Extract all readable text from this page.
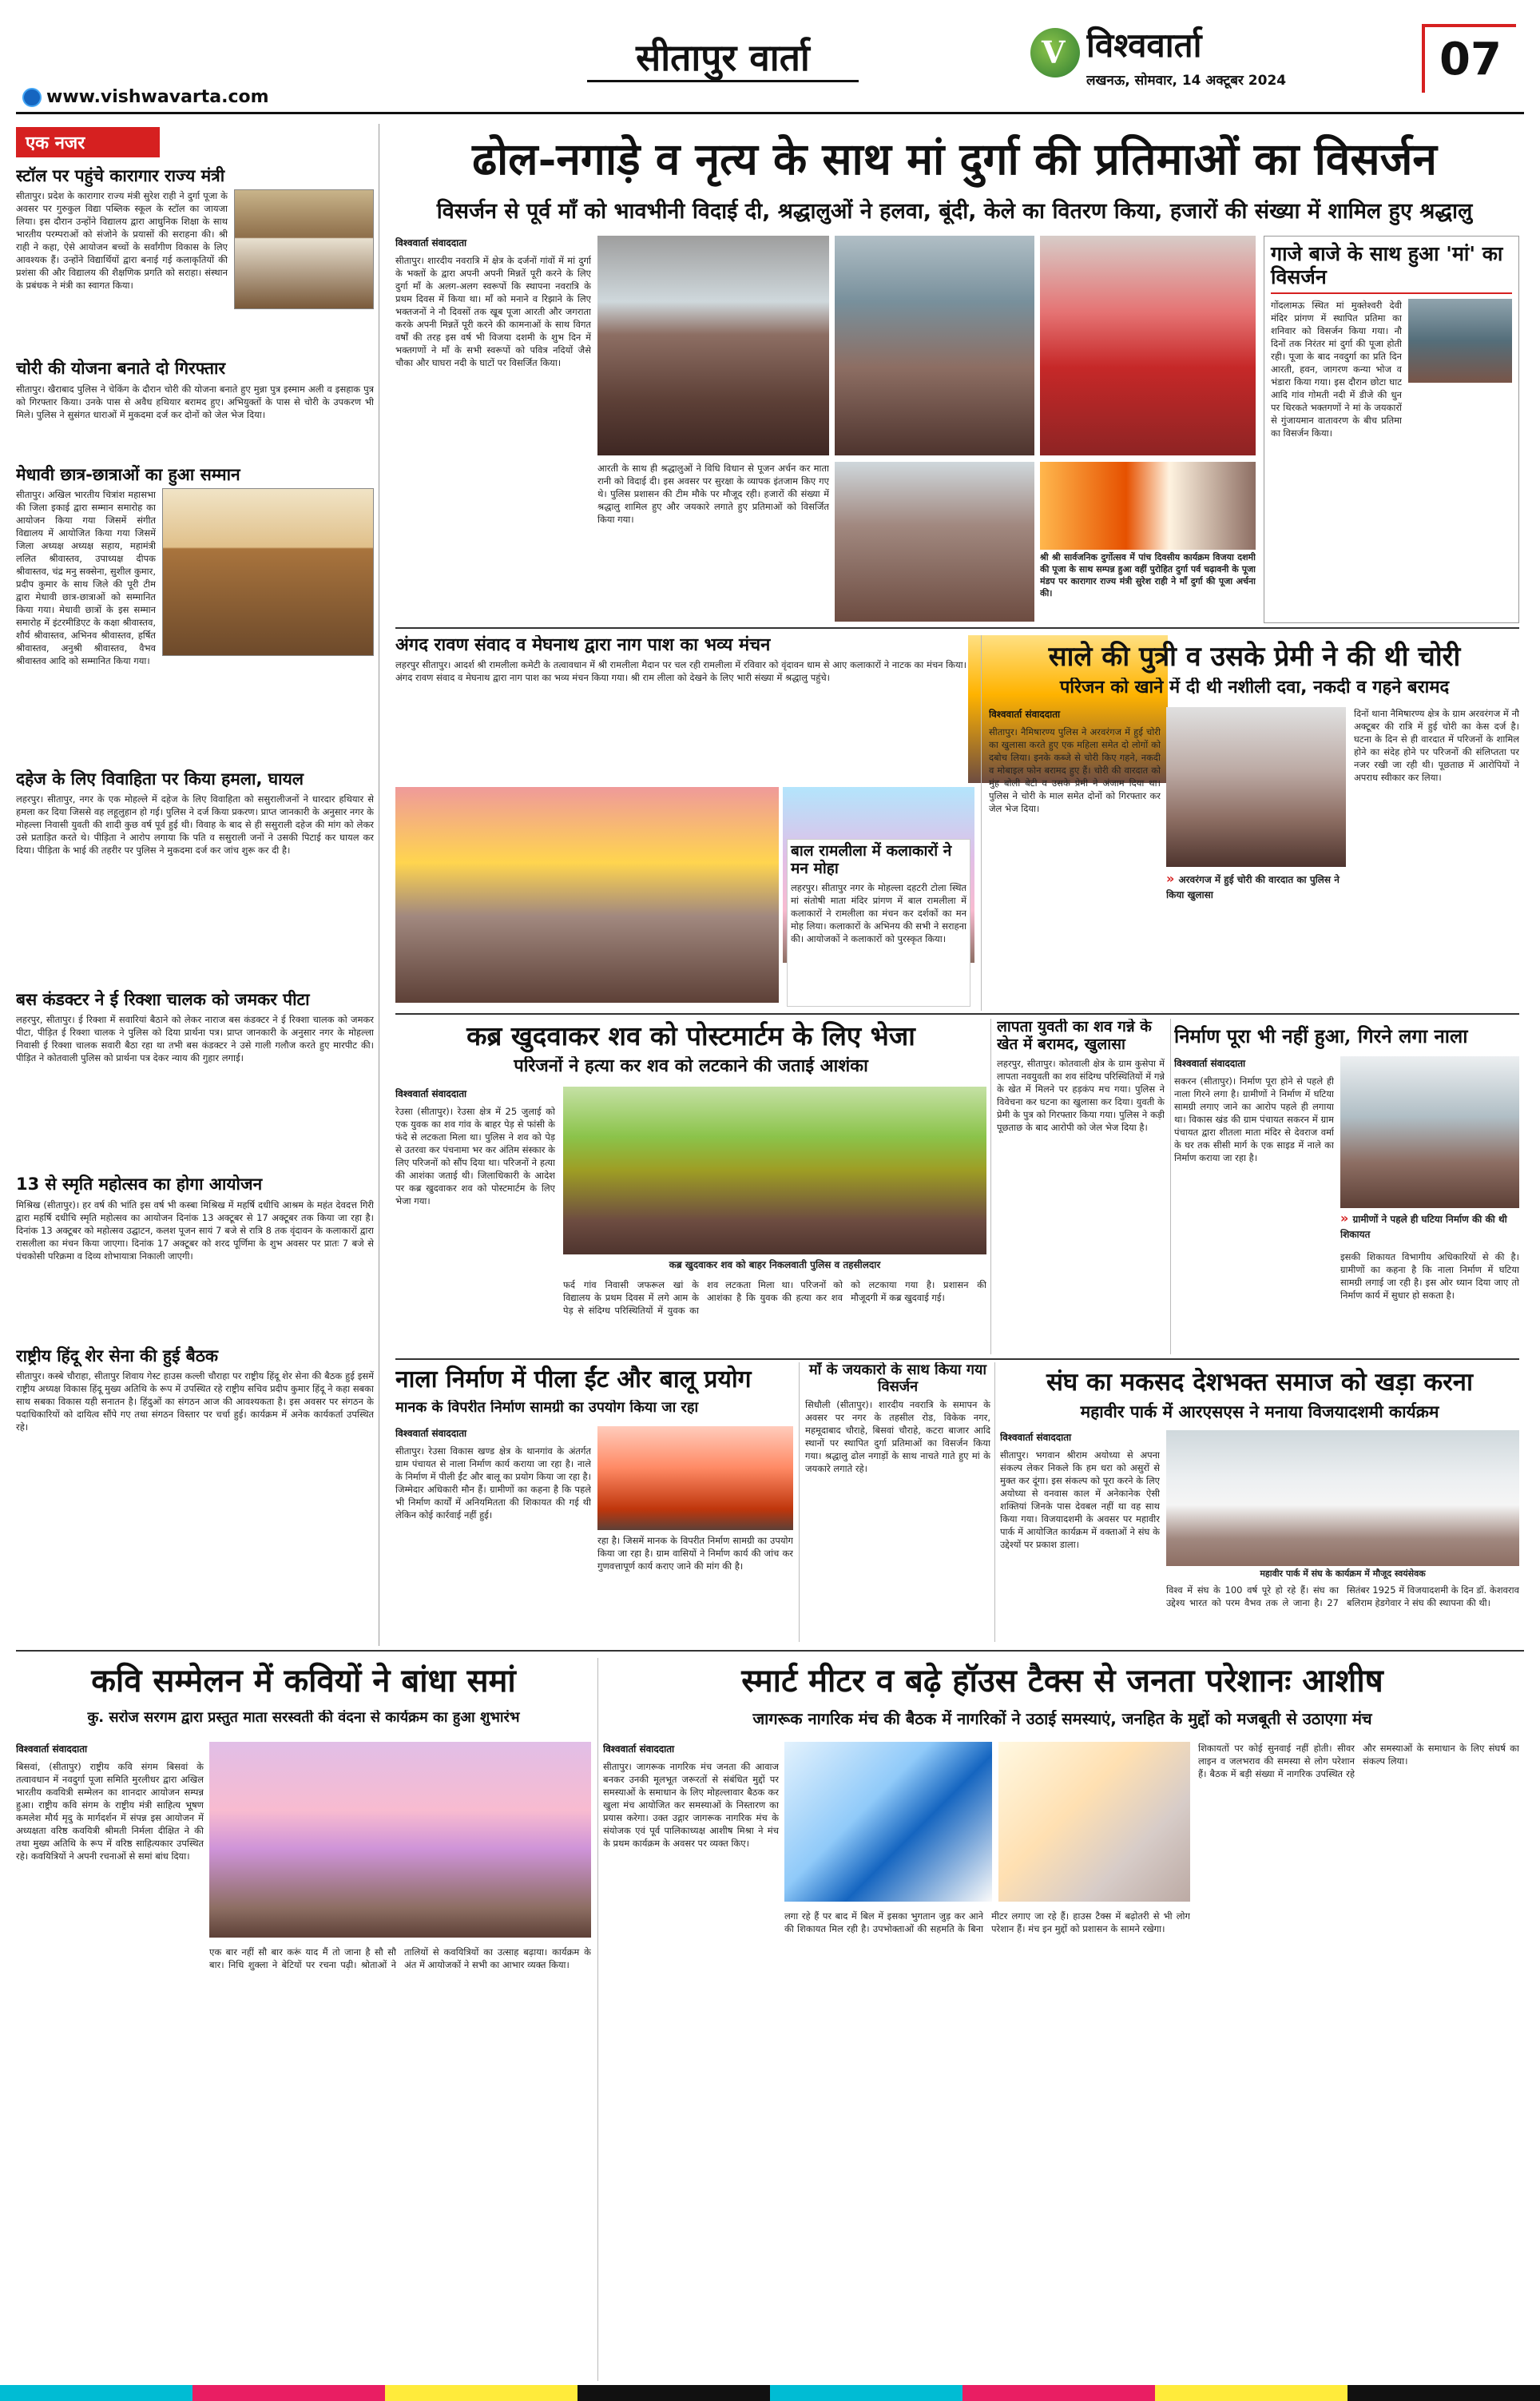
सीतापुर वार्ता	V विश्ववार्ता
लखनऊ, सोमवार, 14 अक्टूबर 2024	07
www.vishwavarta.com
एक नजर
स्टॉल पर पहुंचे कारागार राज्य मंत्री
सीतापुर। प्रदेश के कारागार राज्य मंत्री सुरेश राही ने दुर्गा पूजा के अवसर पर गुरुकुल विद्या पब्लिक स्कूल के स्टॉल का जायजा लिया। इस दौरान उन्होंने विद्यालय द्वारा आधुनिक शिक्षा के साथ भारतीय परम्पराओं को संजोने के प्रयासों की सराहना की। श्री राही ने कहा, ऐसे आयोजन बच्चों के सर्वांगीण विकास के लिए आवश्यक हैं। उन्होंने विद्यार्थियों द्वारा बनाई गई कलाकृतियों की प्रशंसा की और विद्यालय की शैक्षणिक प्रगति को सराहा। संस्थान के प्रबंधक ने मंत्री का स्वागत किया।
चोरी की योजना बनाते दो गिरफ्तार
सीतापुर। खैराबाद पुलिस ने चेकिंग के दौरान चोरी की योजना बनाते हुए मुन्ना पुत्र इस्माम अली व इसहाक पुत्र को गिरफ्तार किया। उनके पास से अवैध हथियार बरामद हुए। अभियुक्तों के पास से चोरी के उपकरण भी मिले। पुलिस ने सुसंगत धाराओं में मुकदमा दर्ज कर दोनों को जेल भेज दिया।
मेधावी छात्र-छात्राओं का हुआ सम्मान
सीतापुर। अखिल भारतीय चित्रांश महासभा की जिला इकाई द्वारा सम्मान समारोह का आयोजन किया गया जिसमें संगीत विद्यालय में आयोजित किया गया जिसमें जिला अध्यक्ष अध्यक्ष सहाय, महामंत्री ललित श्रीवास्तव, उपाध्यक्ष दीपक श्रीवास्तव, चंद्र मनु सक्सेना, सुशील कुमार, प्रदीप कुमार के साथ जिले की पूरी टीम द्वारा मेधावी छात्र-छात्राओं को सम्मानित किया गया। मेधावी छात्रों के इस सम्मान समारोह में इंटरमीडिएट के कक्षा श्रीवास्तव, शौर्य श्रीवास्तव, अभिनव श्रीवास्तव, हर्षित श्रीवास्तव, अनुश्री श्रीवास्तव, वैभव श्रीवास्तव आदि को सम्मानित किया गया।
दहेज के लिए विवाहिता पर किया हमला, घायल
लहरपुर। सीतापुर, नगर के एक मोहल्ले में दहेज के लिए विवाहिता को ससुरालीजनों ने धारदार हथियार से हमला कर दिया जिससे वह लहूलुहान हो गई। पुलिस ने दर्ज किया प्रकरण। प्राप्त जानकारी के अनुसार नगर के मोहल्ला निवासी युवती की शादी कुछ वर्ष पूर्व हुई थी। विवाह के बाद से ही ससुराली दहेज की मांग को लेकर उसे प्रताड़ित करते थे। पीड़िता ने आरोप लगाया कि पति व ससुराली जनों ने उसकी पिटाई कर घायल कर दिया। पीड़िता के भाई की तहरीर पर पुलिस ने मुकदमा दर्ज कर जांच शुरू कर दी है।
बस कंडक्टर ने ई रिक्शा चालक को जमकर पीटा
लहरपुर, सीतापुर। ई रिक्शा में सवारियां बैठाने को लेकर नाराज बस कंडक्टर ने ई रिक्शा चालक को जमकर पीटा, पीड़ित ई रिक्शा चालक ने पुलिस को दिया प्रार्थना पत्र। प्राप्त जानकारी के अनुसार नगर के मोहल्ला निवासी ई रिक्शा चालक सवारी बैठा रहा था तभी बस कंडक्टर ने उसे गाली गलौज करते हुए मारपीट की। पीड़ित ने कोतवाली पुलिस को प्रार्थना पत्र देकर न्याय की गुहार लगाई।
13 से स्मृति महोत्सव का होगा आयोजन
मिश्रिख (सीतापुर)। हर वर्ष की भांति इस वर्ष भी कस्बा मिश्रिख में महर्षि दधीचि आश्रम के महंत देवदत्त गिरी द्वारा महर्षि दधीचि स्मृति महोत्सव का आयोजन दिनांक 13 अक्टूबर से 17 अक्टूबर तक किया जा रहा है। दिनांक 13 अक्टूबर को महोत्सव उद्घाटन, कलश पूजन सायं 7 बजे से रात्रि 8 तक वृंदावन के कलाकारों द्वारा रासलीला का मंचन किया जाएगा। दिनांक 17 अक्टूबर को शरद पूर्णिमा के शुभ अवसर पर प्रातः 7 बजे से पंचकोसी परिक्रमा व दिव्य शोभायात्रा निकाली जाएगी।
राष्ट्रीय हिंदू शेर सेना की हुई बैठक
सीतापुर। कस्बे चौराहा, सीतापुर शिवाय गेस्ट हाउस कल्ली चौराहा पर राष्ट्रीय हिंदू शेर सेना की बैठक हुई इसमें राष्ट्रीय अध्यक्ष विकास हिंदू मुख्य अतिथि के रूप में उपस्थित रहे राष्ट्रीय सचिव प्रदीप कुमार हिंदू ने कहा सबका साथ सबका विकास यही सनातन है। हिंदुओं का संगठन आज की आवश्यकता है। इस अवसर पर संगठन के पदाधिकारियों को दायित्व सौंपे गए तथा संगठन विस्तार पर चर्चा हुई। कार्यक्रम में अनेक कार्यकर्ता उपस्थित रहे।
ढोल-नगाड़े व नृत्य के साथ मां दुर्गा की प्रतिमाओं का विसर्जन
विसर्जन से पूर्व माँ को भावभीनी विदाई दी, श्रद्धालुओं ने हलवा, बूंदी, केले का वितरण किया, हजारों की संख्या में शामिल हुए श्रद्धालु
विश्ववार्ता संवाददाता
सीतापुर। शारदीय नवरात्रि में क्षेत्र के दर्जनों गांवों में मां दुर्गा के भक्तों के द्वारा अपनी अपनी मिन्नतें पूरी करने के लिए दुर्गा माँ के अलग-अलग स्वरूपों कि स्थापना नवरात्रि के प्रथम दिवस में किया था। माँ को मनाने व रिझाने के लिए भक्तजनों ने नौ दिवसों तक खूब पूजा आरती और जगराता करके अपनी मिन्नतें पूरी करने की कामनाओं के साथ विगत वर्षों की तरह इस वर्ष भी विजया दशमी के शुभ दिन में भक्तगणों ने माँ के सभी स्वरूपों को पवित्र नदियों जैसे चौका और घाघरा नदी के घाटों पर विसर्जित किया।
आरती के साथ ही श्रद्धालुओं ने विधि विधान से पूजन अर्चन कर माता रानी को विदाई दी। इस अवसर पर सुरक्षा के व्यापक इंतजाम किए गए थे। पुलिस प्रशासन की टीम मौके पर मौजूद रही। हजारों की संख्या में श्रद्धालु शामिल हुए और जयकारे लगाते हुए प्रतिमाओं को विसर्जित किया गया।
श्री श्री सार्वजनिक दुर्गोत्सव में पांच दिवसीय कार्यक्रम विजया दशमी की पूजा के साथ सम्पन्न हुआ वहीं पुरोहित दुर्गा पर्व चढ़ावनी के पूजा मंडप पर कारागार राज्य मंत्री सुरेश राही ने माँ दुर्गा की पूजा अर्चना की।
गाजे बाजे के साथ हुआ 'मां' का विसर्जन
गोंदलामऊ स्थित मां मुक्तेश्वरी देवी मंदिर प्रांगण में स्थापित प्रतिमा का शनिवार को विसर्जन किया गया। नौ दिनों तक निरंतर मां दुर्गा की पूजा होती रही। पूजा के बाद नवदुर्गा का प्रति दिन आरती, हवन, जागरण कन्या भोज व भंडारा किया गया। इस दौरान छोटा घाट आदि गांव गोमती नदी में डीजे की धुन पर थिरकते भक्तगणों ने मां के जयकारों से गुंजायमान वातावरण के बीच प्रतिमा का विसर्जन किया।
अंगद रावण संवाद व मेघनाथ द्वारा नाग पाश का भव्य मंचन
लहरपुर सीतापुर। आदर्श श्री रामलीला कमेटी के तत्वावधान में श्री रामलीला मैदान पर चल रही रामलीला में रविवार को वृंदावन धाम से आए कलाकारों ने नाटक का मंचन किया। अंगद रावण संवाद व मेघनाथ द्वारा नाग पाश का भव्य मंचन किया गया। श्री राम लीला को देखने के लिए भारी संख्या में श्रद्धालु पहुंचे।
बाल रामलीला में कलाकारों ने मन मोहा
लहरपुर। सीतापुर नगर के मोहल्ला दहटरी टोला स्थित मां संतोषी माता मंदिर प्रांगण में बाल रामलीला में कलाकारों ने रामलीला का मंचन कर दर्शकों का मन मोह लिया। कलाकारों के अभिनय की सभी ने सराहना की। आयोजकों ने कलाकारों को पुरस्कृत किया।
साले की पुत्री व उसके प्रेमी ने की थी चोरी
परिजन को खाने में दी थी नशीली दवा, नकदी व गहने बरामद
विश्ववार्ता संवाददाता
सीतापुर। नैमिषारण्य पुलिस ने अरवरंगज में हुई चोरी का खुलासा करते हुए एक महिला समेत दो लोगों को दबोच लिया। इनके कब्जे से चोरी किए गहने, नकदी व मोबाइल फोन बरामद हुए हैं। चोरी की वारदात को मुंह बोली बेटी व उसके प्रेमी ने अंजाम दिया था। पुलिस ने चोरी के माल समेत दोनों को गिरफ्तार कर जेल भेज दिया।
» अरवरंगज में हुई चोरी की वारदात का पुलिस ने किया खुलासा
दिनों थाना नैमिषारण्य क्षेत्र के ग्राम अरवरंगज में नौ अक्टूबर की रात्रि में हुई चोरी का केस दर्ज है। घटना के दिन से ही वारदात में परिजनों के शामिल होने का संदेह होने पर परिजनों की संलिप्तता पर नजर रखी जा रही थी। पूछताछ में आरोपियों ने अपराध स्वीकार कर लिया।
कब्र खुदवाकर शव को पोस्टमार्टम के लिए भेजा
परिजनों ने हत्या कर शव को लटकाने की जताई आशंका
विश्ववार्ता संवाददाता
रेउसा (सीतापुर)। रेउसा क्षेत्र में 25 जुलाई को एक युवक का शव गांव के बाहर पेड़ से फांसी के फंदे से लटकता मिला था। पुलिस ने शव को पेड़ से उतरवा कर पंचनामा भर कर अंतिम संस्कार के लिए परिजनों को सौंप दिया था। परिजनों ने हत्या की आशंका जताई थी। जिलाधिकारी के आदेश पर कब्र खुदवाकर शव को पोस्टमार्टम के लिए भेजा गया।
कब्र खुदवाकर शव को बाहर निकलवाती पुलिस व तहसीलदार
फर्द गांव निवासी जफरूल खां के विद्यालय के प्रथम दिवस में लगे आम के पेड़ से संदिग्ध परिस्थितियों में युवक का शव लटकता मिला था। परिजनों को आशंका है कि युवक की हत्या कर शव को लटकाया गया है। प्रशासन की मौजूदगी में कब्र खुदवाई गई।
लापता युवती का शव गन्ने के खेत में बरामद, खुलासा
लहरपुर, सीतापुर। कोतवाली क्षेत्र के ग्राम कुसेपा में लापता नवयुवती का शव संदिग्ध परिस्थितियों में गन्ने के खेत में मिलने पर हड़कंप मच गया। पुलिस ने विवेचना कर घटना का खुलासा कर दिया। युवती के प्रेमी के पुत्र को गिरफ्तार किया गया। पुलिस ने कड़ी पूछताछ के बाद आरोपी को जेल भेज दिया है।
निर्माण पूरा भी नहीं हुआ, गिरने लगा नाला
विश्ववार्ता संवाददाता
सकरन (सीतापुर)। निर्माण पूरा होने से पहले ही नाला गिरने लगा है। ग्रामीणों ने निर्माण में घटिया सामग्री लगाए जाने का आरोप पहले ही लगाया था। विकास खंड की ग्राम पंचायत सकरन में ग्राम पंचायत द्वारा शीतला माता मंदिर से देवराज वर्मा के घर तक सीसी मार्ग के एक साइड में नाले का निर्माण कराया जा रहा है।
» ग्रामीणों ने पहले ही घटिया निर्माण की की थी शिकायत
इसकी शिकायत विभागीय अधिकारियों से की है। ग्रामीणों का कहना है कि नाला निर्माण में घटिया सामग्री लगाई जा रही है। इस ओर ध्यान दिया जाए तो निर्माण कार्य में सुधार हो सकता है।
नाला निर्माण में पीला ईंट और बालू प्रयोग
मानक के विपरीत निर्माण सामग्री का उपयोग किया जा रहा
विश्ववार्ता संवाददाता
सीतापुर। रेउसा विकास खण्ड क्षेत्र के थानगांव के अंतर्गत ग्राम पंचायत से नाला निर्माण कार्य कराया जा रहा है। नाले के निर्माण में पीली ईंट और बालू का प्रयोग किया जा रहा है। जिम्मेदार अधिकारी मौन हैं। ग्रामीणों का कहना है कि पहले भी निर्माण कार्यों में अनियमितता की शिकायत की गई थी लेकिन कोई कार्रवाई नहीं हुई।
रहा है। जिसमें मानक के विपरीत निर्माण सामग्री का उपयोग किया जा रहा है। ग्राम वासियों ने निर्माण कार्य की जांच कर गुणवत्तापूर्ण कार्य कराए जाने की मांग की है।
माँ के जयकारो के साथ किया गया विसर्जन
सिधौली (सीतापुर)। शारदीय नवरात्रि के समापन के अवसर पर नगर के तहसील रोड, विकेक नगर, महमूदाबाद चौराहे, बिसवां चौराहे, कटरा बाजार आदि स्थानों पर स्थापित दुर्गा प्रतिमाओं का विसर्जन किया गया। श्रद्धालु ढोल नगाड़ों के साथ नाचते गाते हुए मां के जयकारे लगाते रहे।
संघ का मकसद देशभक्त समाज को खड़ा करना
महावीर पार्क में आरएसएस ने मनाया विजयादशमी कार्यक्रम
विश्ववार्ता संवाददाता
सीतापुर। भगवान श्रीराम अयोध्या से अपना संकल्प लेकर निकले कि हम धरा को असुरों से मुक्त कर दूंगा। इस संकल्प को पूरा करने के लिए अयोध्या से वनवास काल में अनेकानेक ऐसी शक्तियां जिनके पास देवबल नहीं था वह साथ किया गया। विजयादशमी के अवसर पर महावीर पार्क में आयोजित कार्यक्रम में वक्ताओं ने संघ के उद्देश्यों पर प्रकाश डाला।
महावीर पार्क में संघ के कार्यक्रम में मौजूद स्वयंसेवक
विश्व में संघ के 100 वर्ष पूरे हो रहे हैं। संघ का उद्देश्य भारत को परम वैभव तक ले जाना है। 27 सितंबर 1925 में विजयादशमी के दिन डॉ. केशवराव बलिराम हेडगेवार ने संघ की स्थापना की थी।
कवि सम्मेलन में कवियों ने बांधा समां
कु. सरोज सरगम द्वारा प्रस्तुत माता सरस्वती की वंदना से कार्यक्रम का हुआ शुभारंभ
विश्ववार्ता संवाददाता
बिसवां, (सीतापुर) राष्ट्रीय कवि संगम बिसवां के तत्वावधान में नवदुर्गा पूजा समिति मुरलीधर द्वारा अखिल भारतीय कवयित्री सम्मेलन का शानदार आयोजन सम्पन्न हुआ। राष्ट्रीय कवि संगम के राष्ट्रीय मंत्री साहित्य भूषण कमलेश मौर्य मृदु के मार्गदर्शन में संपन्न इस आयोजन में अध्यक्षता वरिष्ठ कवयित्री श्रीमती निर्मला दीक्षित ने की तथा मुख्य अतिथि के रूप में वरिष्ठ साहित्यकार उपस्थित रहे। कवयित्रियों ने अपनी रचनाओं से समां बांध दिया।
एक बार नहीं सौ बार करूं याद मैं तो जाना है सौ सौ बार। निधि शुक्ला ने बेटियों पर रचना पढ़ी। श्रोताओं ने तालियों से कवयित्रियों का उत्साह बढ़ाया। कार्यक्रम के अंत में आयोजकों ने सभी का आभार व्यक्त किया।
स्मार्ट मीटर व बढ़े हॉउस टैक्स से जनता परेशानः आशीष
जागरूक नागरिक मंच की बैठक में नागरिकों ने उठाई समस्याएं, जनहित के मुद्दों को मजबूती से उठाएगा मंच
विश्ववार्ता संवाददाता
सीतापुर। जागरूक नागरिक मंच जनता की आवाज बनकर उनकी मूलभूत जरूरतों से संबंधित मुद्दों पर समस्याओं के समाधान के लिए मोहल्लावार बैठक कर खुला मंच आयोजित कर समस्याओं के निस्तारण का प्रयास करेगा। उक्त उद्गार जागरूक नागरिक मंच के संयोजक एवं पूर्व पालिकाध्यक्ष आशीष मिश्रा ने मंच के प्रथम कार्यक्रम के अवसर पर व्यक्त किए।
लगा रहे हैं पर बाद में बिल में इसका भुगतान जुड़ कर आने की शिकायत मिल रही है। उपभोक्ताओं की सहमति के बिना मीटर लगाए जा रहे हैं। हाउस टैक्स में बढ़ोतरी से भी लोग परेशान हैं। मंच इन मुद्दों को प्रशासन के सामने रखेगा।
शिकायतों पर कोई सुनवाई नहीं होती। सीवर लाइन व जलभराव की समस्या से लोग परेशान हैं। बैठक में बड़ी संख्या में नागरिक उपस्थित रहे और समस्याओं के समाधान के लिए संघर्ष का संकल्प लिया।
